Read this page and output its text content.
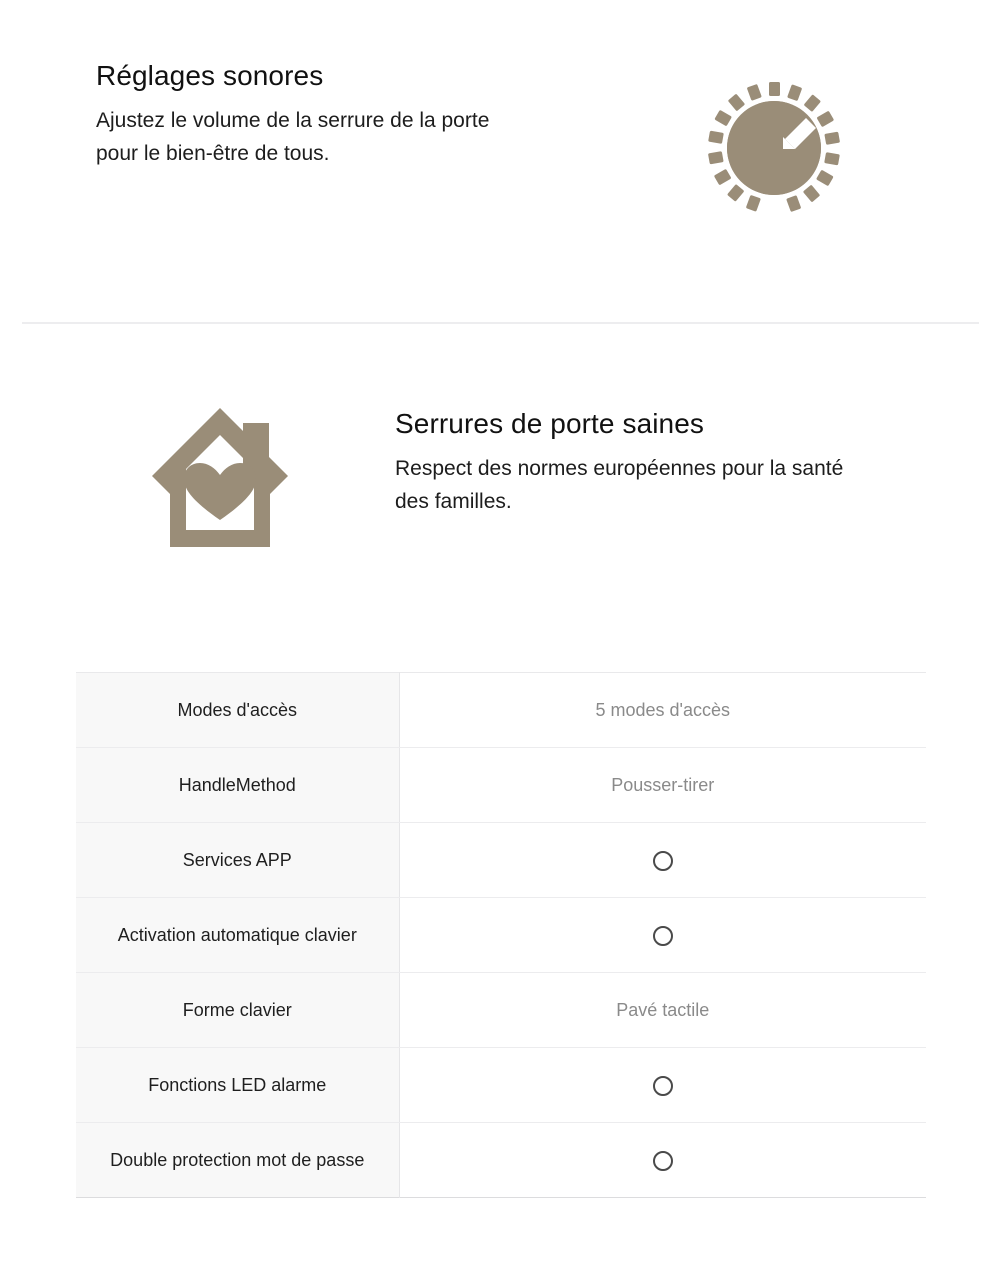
Réglages sonores

Ajustez le volume de la serrure de la porte pour le bien-être de tous.

Serrures de porte saines

Respect des normes européennes pour la santé des familles.

Modes d'accès	5 modes d'accès
HandleMethod	Pousser-tirer
Services APP	
Activation automatique clavier	
Forme clavier	Pavé tactile
Fonctions LED alarme	
Double protection mot de passe	
